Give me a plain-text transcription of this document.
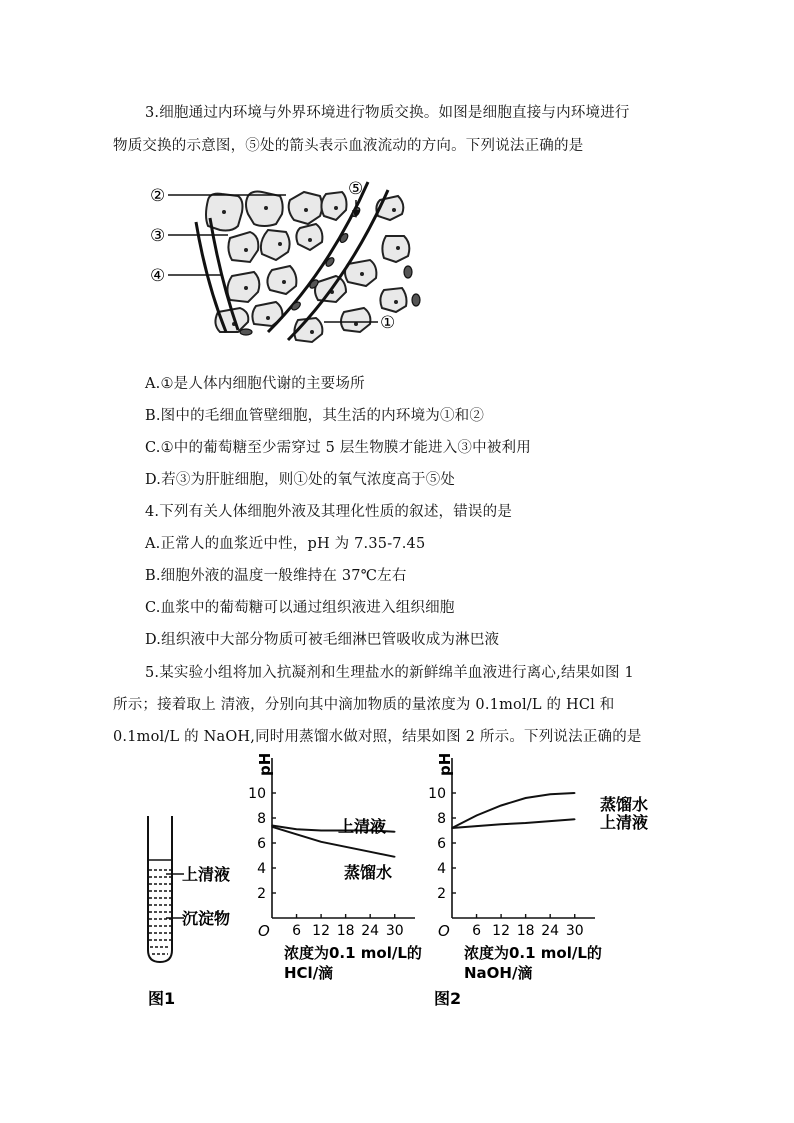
3.细胞通过内环境与外界环境进行物质交换。如图是细胞直接与内环境进行
物质交换的示意图，⑤处的箭头表示血液流动的方向。下列说法正确的是
②
③
④
⑤
①
A.①是人体内细胞代谢的主要场所
B.图中的毛细血管壁细胞，其生活的内环境为①和②
C.①中的葡萄糖至少需穿过 5 层生物膜才能进入③中被利用
D.若③为肝脏细胞，则①处的氧气浓度高于⑤处
4.下列有关人体细胞外液及其理化性质的叙述，错误的是
A.正常人的血浆近中性，pH 为 7.35-7.45
B.细胞外液的温度一般维持在 37℃左右
C.血浆中的葡萄糖可以通过组织液进入组织细胞
D.组织液中大部分物质可被毛细淋巴管吸收成为淋巴液
5.某实验小组将加入抗凝剂和生理盐水的新鲜绵羊血液进行离心,结果如图 1
所示；接着取上 清液，分别向其中滴加物质的量浓度为 0.1mol/L 的 HCl 和
0.1mol/L 的 NaOH,同时用蒸馏水做对照，结果如图 2 所示。下列说法正确的是
上清液
沉淀物
图1
pH
2
4
6
8
10
6 12 18 24 30
O
浓度为0.1 mol/L的
HCl/滴
上清液
蒸馏水
pH
2
4
6
8
10
6 12 18 24 30
O
浓度为0.1 mol/L的
NaOH/滴
蒸馏水
上清液
图2
